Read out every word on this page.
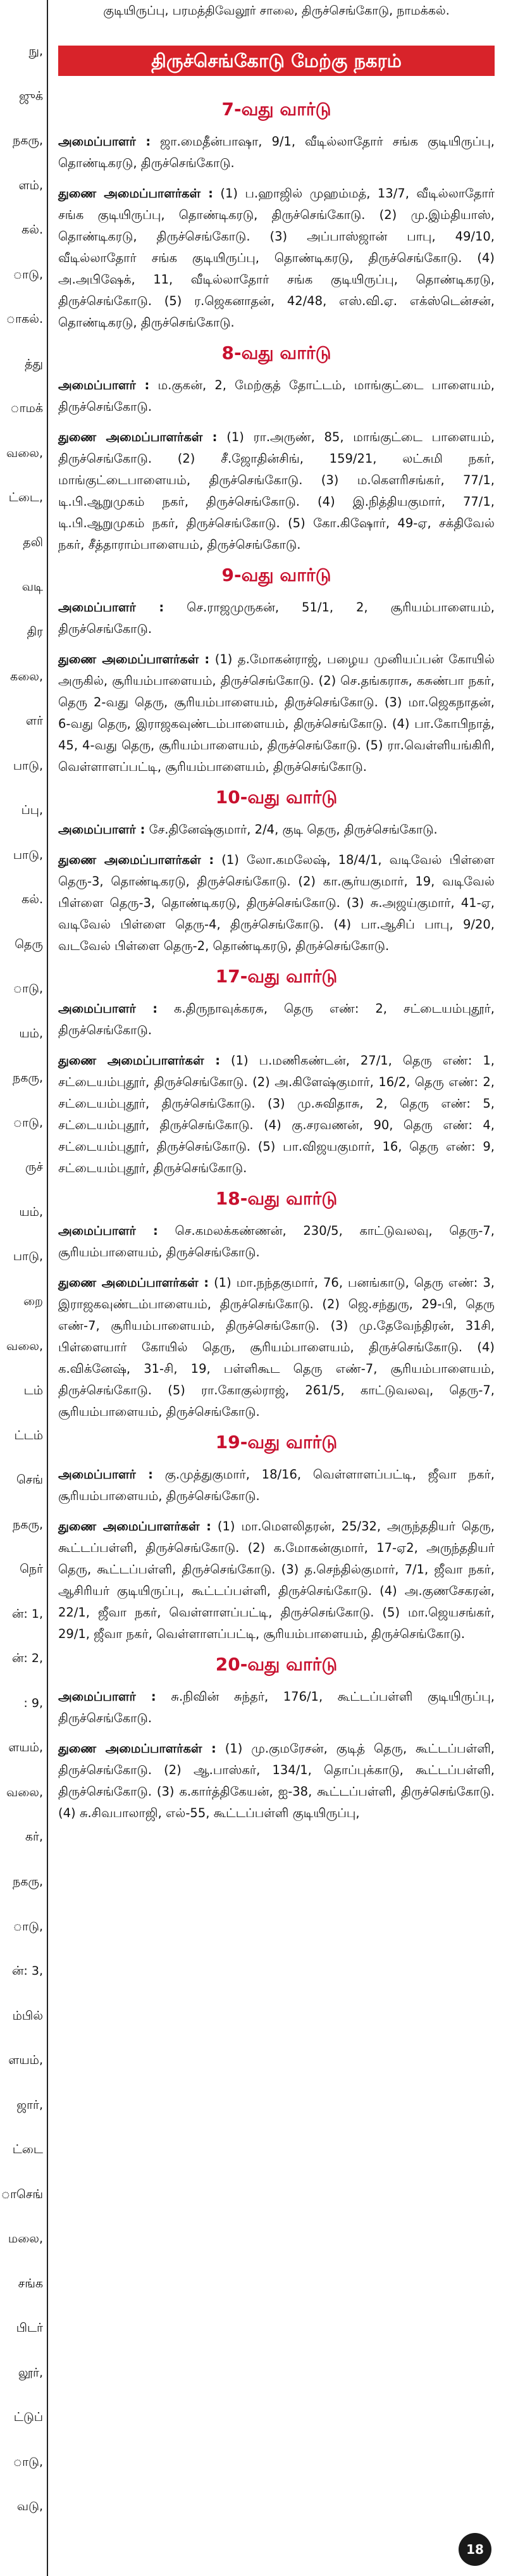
நு,
ஜுக்
நகரு,
ளம்,
கல்.
ாடு,
ாகல்.
த்து
ாமக்
வலை,
ட்டை,
தலி
வடி
திர
கலை,
ளர்
பாடு,
ப்பு,
பாடு,
கல்.
தெரு
ாடு,
யம்,
நகரு,
ாடு,
ருச்
யம்,
பாடு,
றை
வலை,
டம்
ட்டம்
செங்
நகரு,
நெர்
ன்: 1,
ன்: 2,
: 9,
ளயம்,
வலை,
கர்,
நகரு,
ாடு,
ன்: 3,
ம்பில்
ளயம்,
ஜார்,
ட்டை
ாசெங்
மலை,
சங்க
பிடர்
லூர்,
ட்டுப்
ாடு,
வடு,
குடியிருப்பு, பரமத்திவேலூர் சாலை, திருச்செங்கோடு, நாமக்கல்.
திருச்செங்கோடு மேற்கு நகரம்
7-வது வார்டு

அமைப்பாளர் : ஜா.மைதீன்பாஷா, 9/1, வீடில்லாதோர் சங்க குடியிருப்பு, தொண்டிகரடு, திருச்செங்கோடு.

துணை அமைப்பாளர்கள் : (1) ப.ஹாஜில் முஹம்மத், 13/7, வீடில்லாதோர் சங்க குடியிருப்பு, தொண்டிகரடு, திருச்செங்கோடு. (2) மு.இம்தியாஸ், தொண்டிகரடு, திருச்செங்கோடு. (3) அப்பாஸ்ஜான் பாபு, 49/10, வீடில்லாதோர் சங்க குடியிருப்பு, தொண்டிகரடு, திருச்செங்கோடு. (4) அ.அபிஷேக், 11, வீடில்லாதோர் சங்க குடியிருப்பு, தொண்டிகரடு, திருச்செங்கோடு. (5) ர.ஜெகனாதன், 42/48, எஸ்.வி.ஏ. எக்ஸ்டென்சன், தொண்டிகரடு, திருச்செங்கோடு.

8-வது வார்டு

அமைப்பாளர் : ம.குகன், 2, மேற்குத் தோட்டம், மாங்குட்டை பாளையம், திருச்செங்கோடு.

துணை அமைப்பாளர்கள் : (1) ரா.அருண், 85, மாங்குட்டை பாளையம், திருச்செங்கோடு. (2) சீ.ஜோதின்சிங், 159/21, லட்சுமி நகர், மாங்குட்டைபாளையம், திருச்செங்கோடு. (3) ம.கௌரிசங்கர், 77/1, டி.பி.ஆறுமுகம் நகர், திருச்செங்கோடு. (4) இ.நித்தியகுமார், 77/1, டி.பி.ஆறுமுகம் நகர், திருச்செங்கோடு. (5) கோ.கிஷோர், 49-ஏ, சக்திவேல் நகர், சீத்தாராம்பாளையம், திருச்செங்கோடு.

9-வது வார்டு

அமைப்பாளர் : செ.ராஜமுருகன், 51/1, 2, சூரியம்பாளையம், திருச்செங்கோடு.

துணை அமைப்பாளர்கள் : (1) த.மோகன்ராஜ், பழைய முனியப்பன் கோயில் அருகில், சூரியம்பாளையம், திருச்செங்கோடு. (2) செ.தங்கராசு, கசுண்பா நகர், தெரு 2-வது தெரு, சூரியம்பாளையம், திருச்செங்கோடு. (3) மா.ஜெகநாதன், 6-வது தெரு, இராஜகவுண்டம்பாளையம், திருச்செங்கோடு. (4) பா.கோபிநாத், 45, 4-வது தெரு, சூரியம்பாளையம், திருச்செங்கோடு. (5) ரா.வெள்ளியங்கிரி, வெள்ளாளப்பட்டி, சூரியம்பாளையம், திருச்செங்கோடு.

10-வது வார்டு

அமைப்பாளர் : சே.தினேஷ்குமார், 2/4, குடி தெரு, திருச்செங்கோடு.

துணை அமைப்பாளர்கள் : (1) லோ.கமலேஷ், 18/4/1, வடிவேல் பிள்ளை தெரு-3, தொண்டிகரடு, திருச்செங்கோடு. (2) கா.சூர்யகுமார், 19, வடிவேல் பிள்ளை தெரு-3, தொண்டிகரடு, திருச்செங்கோடு. (3) சு.அஜய்குமார், 41-ஏ, வடிவேல் பிள்ளை தெரு-4, திருச்செங்கோடு. (4) பா.ஆசிப் பாபு, 9/20, வடவேல் பிள்ளை தெரு-2, தொண்டிகரடு, திருச்செங்கோடு.

17-வது வார்டு

அமைப்பாளர் : க.திருநாவுக்கரசு, தெரு எண்: 2, சட்டையம்புதூர், திருச்செங்கோடு.

துணை அமைப்பாளர்கள் : (1) ப.மணிகண்டன், 27/1, தெரு எண்: 1, சட்டையம்புதூர், திருச்செங்கோடு. (2) அ.கிளேஷ்குமார், 16/2, தெரு எண்: 2, சட்டையம்புதூர், திருச்செங்கோடு. (3) மு.சுவிதாசு, 2, தெரு எண்: 5, சட்டையம்புதூர், திருச்செங்கோடு. (4) கு.சரவணன், 90, தெரு எண்: 4, சட்டையம்புதூர், திருச்செங்கோடு. (5) பா.விஜயகுமார், 16, தெரு எண்: 9, சட்டையம்புதூர், திருச்செங்கோடு.

18-வது வார்டு

அமைப்பாளர் : செ.கமலக்கண்ணன், 230/5, காட்டுவலவு, தெரு-7, சூரியம்பாளையம், திருச்செங்கோடு.

துணை அமைப்பாளர்கள் : (1) மா.நந்தகுமார், 76, பனங்காடு, தெரு எண்: 3, இராஜகவுண்டம்பாளையம், திருச்செங்கோடு. (2) ஜெ.சந்துரு, 29-பி, தெரு எண்-7, சூரியம்பாளையம், திருச்செங்கோடு. (3) மு.தேவேந்திரன், 31சி, பிள்ளையார் கோயில் தெரு, சூரியம்பாளையம், திருச்செங்கோடு. (4) க.விக்னேஷ், 31-சி, 19, பள்ளிகூட தெரு எண்-7, சூரியம்பாளையம், திருச்செங்கோடு. (5) ரா.கோகுல்ராஜ், 261/5, காட்டுவலவு, தெரு-7, சூரியம்பாளையம், திருச்செங்கோடு.

19-வது வார்டு

அமைப்பாளர் : கு.முத்துகுமார், 18/16, வெள்ளாளப்பட்டி, ஜீவா நகர், சூரியம்பாளையம், திருச்செங்கோடு.

துணை அமைப்பாளர்கள் : (1) மா.மௌலிதரன், 25/32, அருந்ததியர் தெரு, கூட்டப்பள்ளி, திருச்செங்கோடு. (2) க.மோகன்குமார், 17-ஏ2, அருந்ததியர் தெரு, கூட்டப்பள்ளி, திருச்செங்கோடு. (3) த.செந்தில்குமார், 7/1, ஜீவா நகர், ஆசிரியர் குடியிருப்பு, கூட்டப்பள்ளி, திருச்செங்கோடு. (4) அ.குணசேகரன், 22/1, ஜீவா நகர், வெள்ளாளப்பட்டி, திருச்செங்கோடு. (5) மா.ஜெயசங்கர், 29/1, ஜீவா நகர், வெள்ளாளப்பட்டி, சூரியம்பாளையம், திருச்செங்கோடு.

20-வது வார்டு

அமைப்பாளர் : சு.நிவின் சுந்தர், 176/1, கூட்டப்பள்ளி குடியிருப்பு, திருச்செங்கோடு.

துணை அமைப்பாளர்கள் : (1) மு.குமரேசன், குடித் தெரு, கூட்டப்பள்ளி, திருச்செங்கோடு. (2) ஆ.பாஸ்கர், 134/1, தொப்புக்காடு, கூட்டப்பள்ளி, திருச்செங்கோடு. (3) க.கார்த்திகேயன், ஐ-38, கூட்டப்பள்ளி, திருச்செங்கோடு. (4) சு.சிவபாலாஜி, எல்-55, கூட்டப்பள்ளி குடியிருப்பு,

18
